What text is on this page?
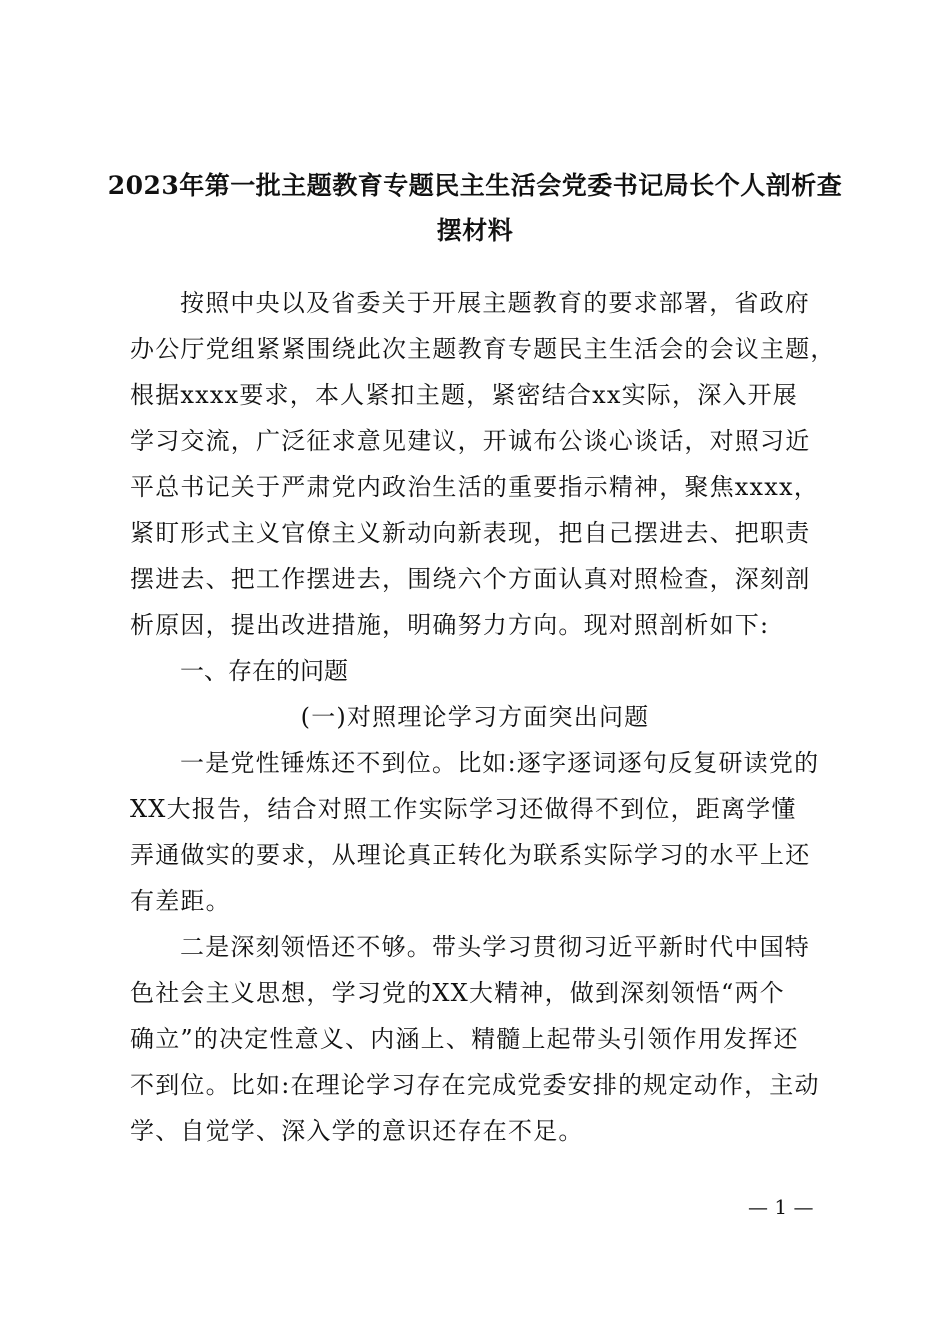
2023年第一批主题教育专题民主生活会党委书记局长个人剖析查
摆材料
按照中央以及省委关于开展主题教育的要求部署，省政府
办公厅党组紧紧围绕此次主题教育专题民主生活会的会议主题，
根据xxxx要求，本人紧扣主题，紧密结合xx实际，深入开展
学习交流，广泛征求意见建议，开诚布公谈心谈话，对照习近
平总书记关于严肃党内政治生活的重要指示精神，聚焦xxxx，
紧盯形式主义官僚主义新动向新表现，把自己摆进去、把职责
摆进去、把工作摆进去，围绕六个方面认真对照检查，深刻剖
析原因，提出改进措施，明确努力方向。现对照剖析如下:
一、存在的问题
(一)对照理论学习方面突出问题
一是党性锤炼还不到位。比如:逐字逐词逐句反复研读党的
XX大报告，结合对照工作实际学习还做得不到位，距离学懂
弄通做实的要求，从理论真正转化为联系实际学习的水平上还
有差距。
二是深刻领悟还不够。带头学习贯彻习近平新时代中国特
色社会主义思想，学习党的XX大精神，做到深刻领悟“两个
确立”的决定性意义、内涵上、精髓上起带头引领作用发挥还
不到位。比如:在理论学习存在完成党委安排的规定动作，主动
学、自觉学、深入学的意识还存在不足。
— 1 —
